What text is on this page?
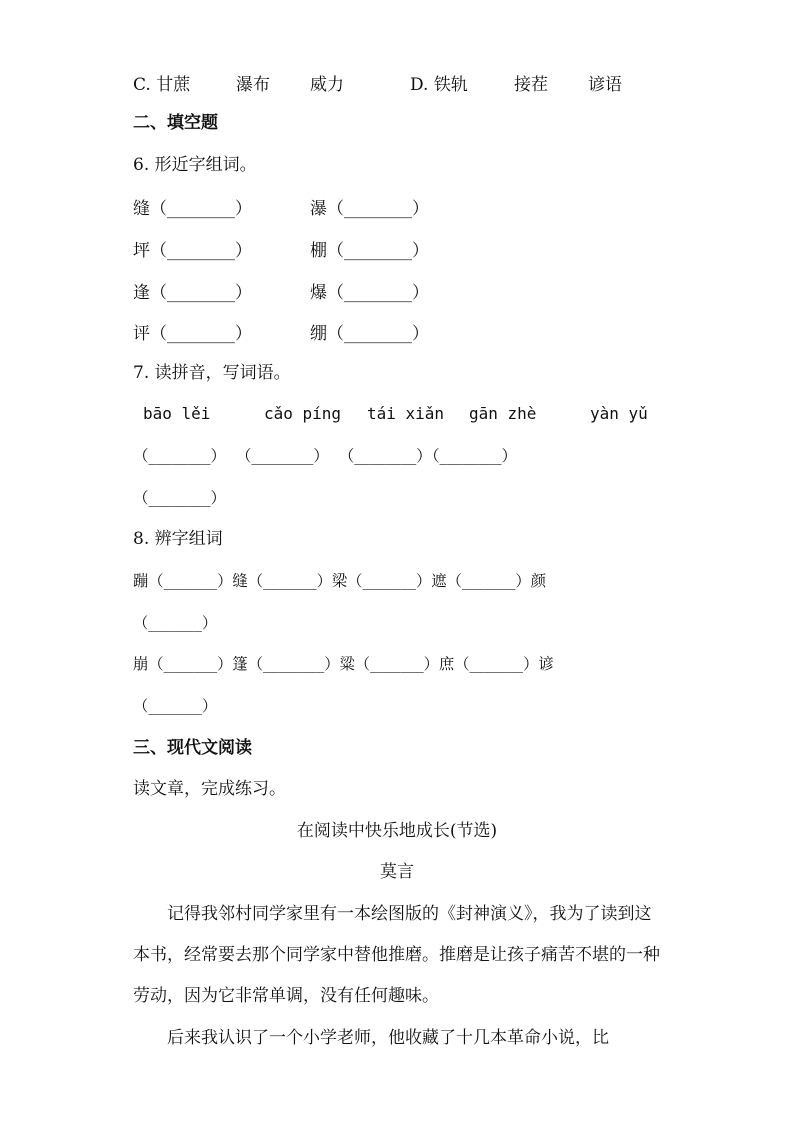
C. 甘蔗	瀑布 威力	D. 铁轨	接茬 谚语
二、填空题
6. 形近字组词。
缝（________）	瀑（________）
坪（________）	棚（________）
逢（________）	爆（________）
评（________）	绷（________）
7. 读拼音，写词语。
bāo lěi	cǎo píng tái xiǎn gān zhè	yàn yǔ
（________）  （________）  （________）（________）
（________）
8. 辨字组词
蹦（_______）缝（_______）梁（_______）遮（_______）颜
（_______）
崩（_______）篷（________）粱（_______）庶（_______）谚
（_______）
三、现代文阅读
读文章，完成练习。
在阅读中快乐地成长(节选)
莫言
记得我邻村同学家里有一本绘图版的《封神演义》，我为了读到这本书，经常要去那个同学家中替他推磨。推磨是让孩子痛苦不堪的一种劳动，因为它非常单调，没有任何趣味。
后来我认识了一个小学老师，他收藏了十几本革命小说，比
